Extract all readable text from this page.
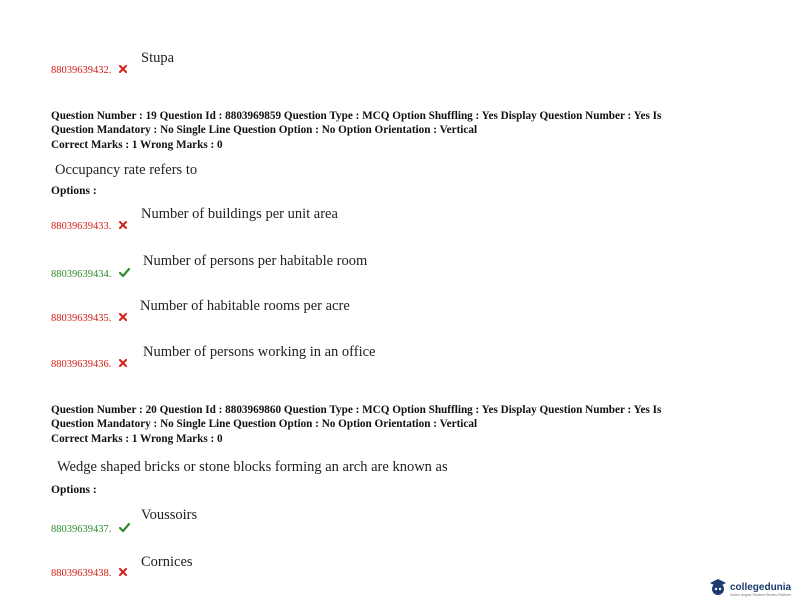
88039639432.
Stupa
Question Number : 19 Question Id : 8803969859 Question Type : MCQ Option Shuffling : Yes Display Question Number : Yes Is
Question Mandatory : No Single Line Question Option : No Option Orientation : Vertical
Correct Marks : 1 Wrong Marks : 0
Occupancy rate refers to
Options :
88039639433.
Number of buildings per unit area
88039639434.
Number of persons per habitable room
88039639435.
Number of habitable rooms per acre
88039639436.
Number of persons working in an office
Question Number : 20 Question Id : 8803969860 Question Type : MCQ Option Shuffling : Yes Display Question Number : Yes Is
Question Mandatory : No Single Line Question Option : No Option Orientation : Vertical
Correct Marks : 1 Wrong Marks : 0
Wedge shaped bricks or stone blocks forming an arch are known as
Options :
88039639437.
Voussoirs
88039639438.
Cornices
collegedunia
India's largest Student Review Platform
